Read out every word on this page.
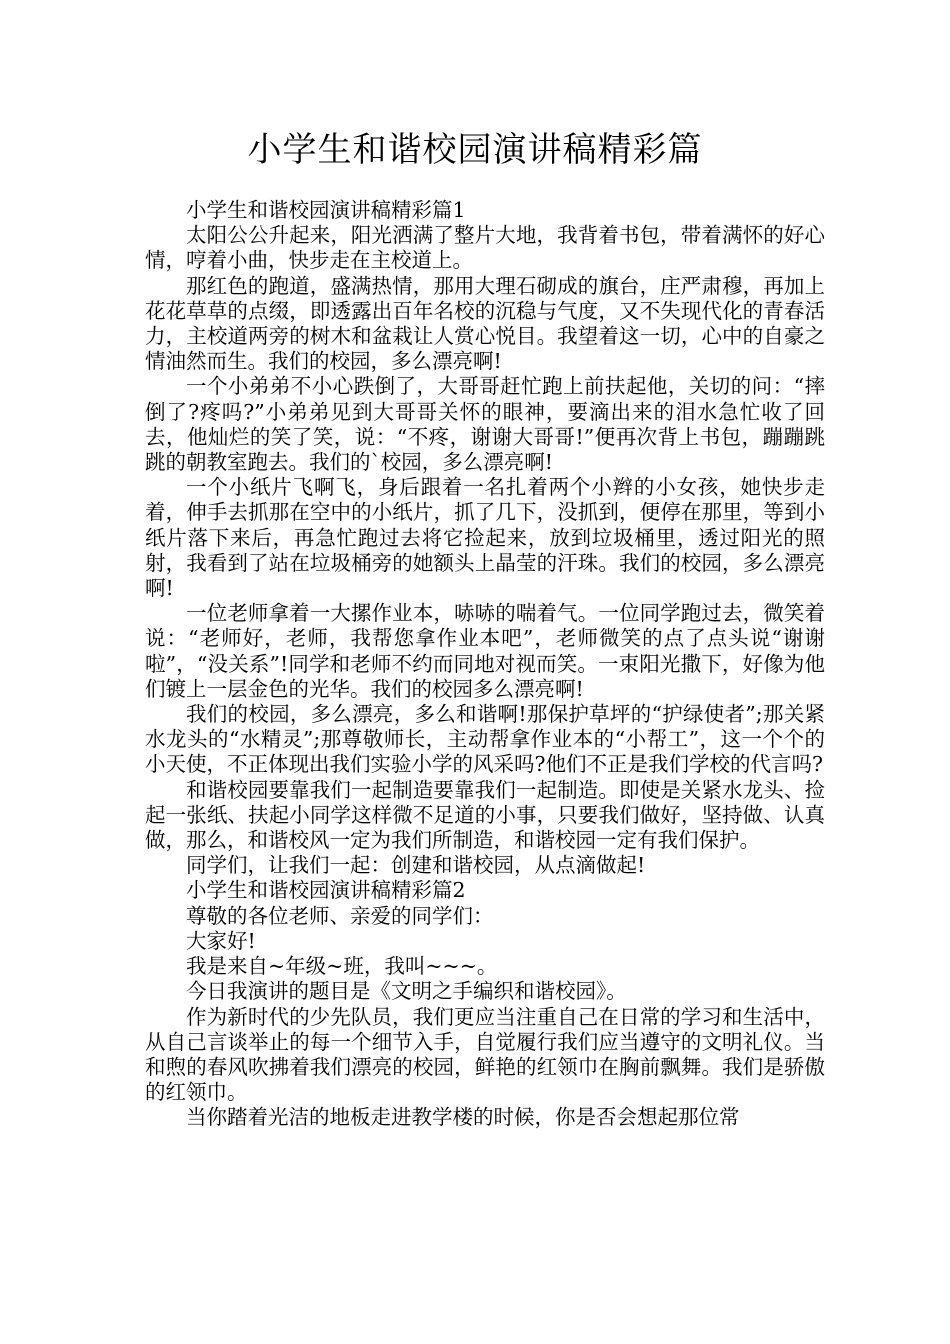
小学生和谐校园演讲稿精彩篇

小学生和谐校园演讲稿精彩篇1

太阳公公升起来，阳光洒满了整片大地，我背着书包，带着满怀的好心情，哼着小曲，快步走在主校道上。

那红色的跑道，盛满热情，那用大理石砌成的旗台，庄严肃穆，再加上花花草草的点缀，即透露出百年名校的沉稳与气度，又不失现代化的青春活力，主校道两旁的树木和盆栽让人赏心悦目。我望着这一切，心中的自豪之情油然而生。我们的校园，多么漂亮啊!

一个小弟弟不小心跌倒了，大哥哥赶忙跑上前扶起他，关切的问：“摔倒了?疼吗?”小弟弟见到大哥哥关怀的眼神，要滴出来的泪水急忙收了回去，他灿烂的笑了笑，说：“不疼，谢谢大哥哥!”便再次背上书包，蹦蹦跳跳的朝教室跑去。我们的`校园，多么漂亮啊!

一个小纸片飞啊飞，身后跟着一名扎着两个小辫的小女孩，她快步走着，伸手去抓那在空中的小纸片，抓了几下，没抓到，便停在那里，等到小纸片落下来后，再急忙跑过去将它捡起来，放到垃圾桶里，透过阳光的照射，我看到了站在垃圾桶旁的她额头上晶莹的汗珠。我们的校园，多么漂亮啊!

一位老师拿着一大摞作业本，哧哧的喘着气。一位同学跑过去，微笑着说：“老师好，老师，我帮您拿作业本吧”，老师微笑的点了点头说“谢谢啦”，“没关系”!同学和老师不约而同地对视而笑。一束阳光撒下，好像为他们镀上一层金色的光华。我们的校园多么漂亮啊!

我们的校园，多么漂亮，多么和谐啊!那保护草坪的“护绿使者”;那关紧水龙头的“水精灵”;那尊敬师长，主动帮拿作业本的“小帮工”，这一个个的小天使，不正体现出我们实验小学的风采吗?他们不正是我们学校的代言吗?

和谐校园要靠我们一起制造要靠我们一起制造。即使是关紧水龙头、捡起一张纸、扶起小同学这样微不足道的小事，只要我们做好，坚持做、认真做，那么，和谐校风一定为我们所制造，和谐校园一定有我们保护。

同学们，让我们一起：创建和谐校园，从点滴做起!

小学生和谐校园演讲稿精彩篇2

尊敬的各位老师、亲爱的同学们：

大家好!

我是来自~年级~班，我叫~~~。

今日我演讲的题目是《文明之手编织和谐校园》。

作为新时代的少先队员，我们更应当注重自己在日常的学习和生活中，从自己言谈举止的每一个细节入手，自觉履行我们应当遵守的文明礼仪。当和煦的春风吹拂着我们漂亮的校园，鲜艳的红领巾在胸前飘舞。我们是骄傲的红领巾。

当你踏着光洁的地板走进教学楼的时候，你是否会想起那位常
